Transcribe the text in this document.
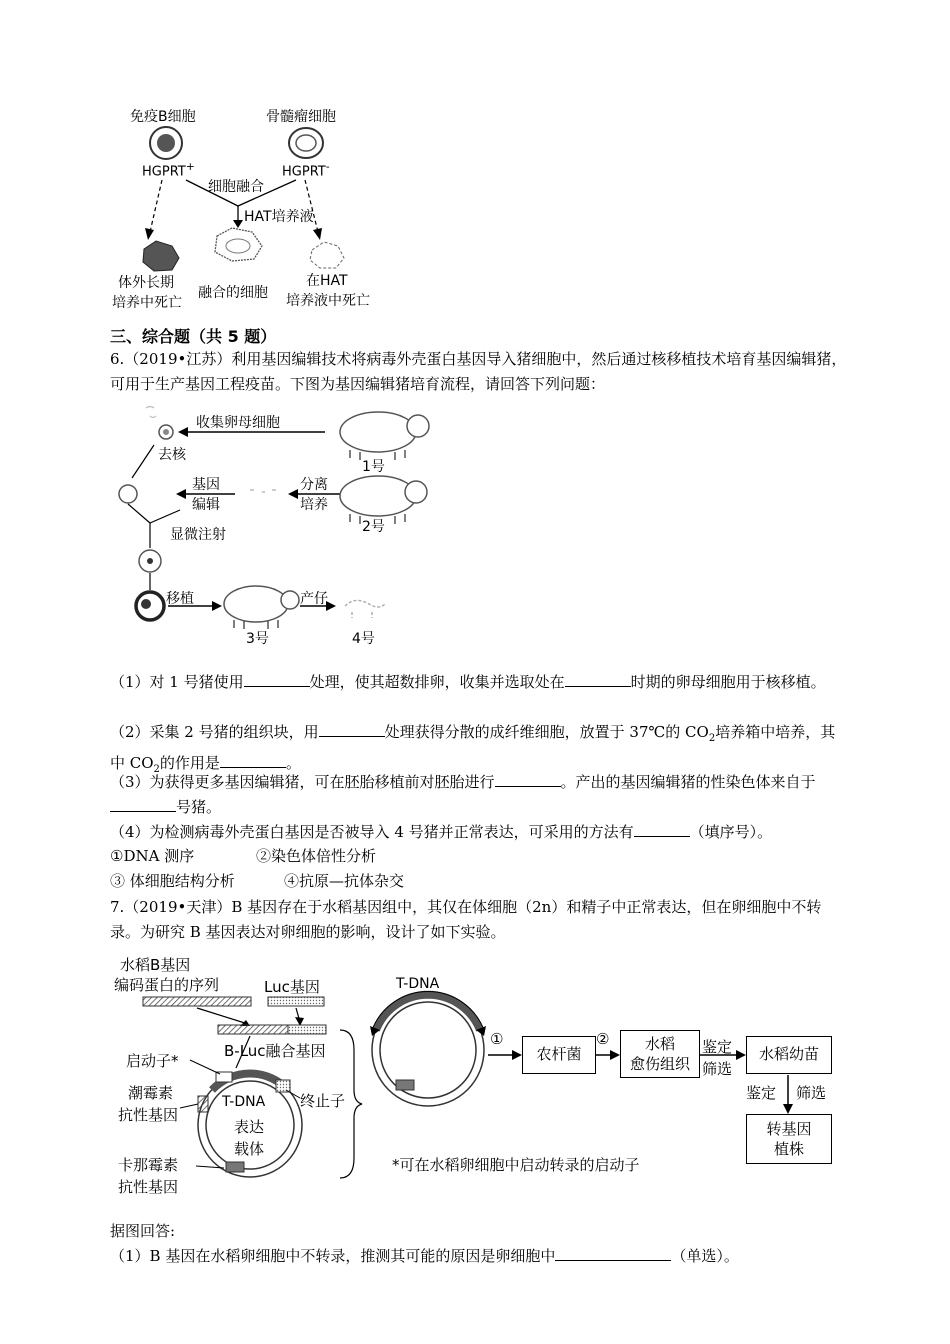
免疫B细胞	骨髓瘤细胞
HGPRT+	HGPRT-
细胞融合
HAT培养液
体外长期
培养中死亡
融合的细胞
在HAT
培养液中死亡
三、综合题（共 5 题）
6.（2019•江苏）利用基因编辑技术将病毒外壳蛋白基因导入猪细胞中，然后通过核移植技术培育基因编辑猪，可用于生产基因工程疫苗。下图为基因编辑猪培育流程，请回答下列问题：
收集卵母细胞
去核
1号
基因
编辑
分离
培养
2号
显微注射
移植	产仔
3号	4号
（1）对 1 号猪使用	处理，使其超数排卵，收集并选取处在	时期的卵母细胞用于核移植。
（2）采集 2 号猪的组织块，用	处理获得分散的成纤维细胞，放置于 37℃的 $CO_2$培养箱中培养，其中 $CO_2$的作用是	。
（3）为获得更多基因编辑猪，可在胚胎移植前对胚胎进行	。产出的基因编辑猪的性染色体来自于号猪。
（4）为检测病毒外壳蛋白基因是否被导入 4 号猪并正常表达，可采用的方法有	（填序号）。
①DNA 测序	②染色体倍性分析
③ 体细胞结构分析	④抗原—抗体杂交
7.（2019•天津）B 基因存在于水稻基因组中，其仅在体细胞（2n）和精子中正常表达，但在卵细胞中不转录。为研究 B 基因表达对卵细胞的影响，设计了如下实验。
水稻B基因
编码蛋白的序列	Luc基因
B-Luc融合基因
启动子*
潮霉素
抗性基因
T-DNA
表达
载体
终止子
卡那霉素
抗性基因
T-DNA
①	②
农杆菌
水稻
愈伤组织
鉴定
筛选
水稻幼苗
鉴定 筛选
转基因
植株
*可在水稻卵细胞中启动转录的启动子
据图回答:
（1）B 基因在水稻卵细胞中不转录，推测其可能的原因是卵细胞中	（单选）。
